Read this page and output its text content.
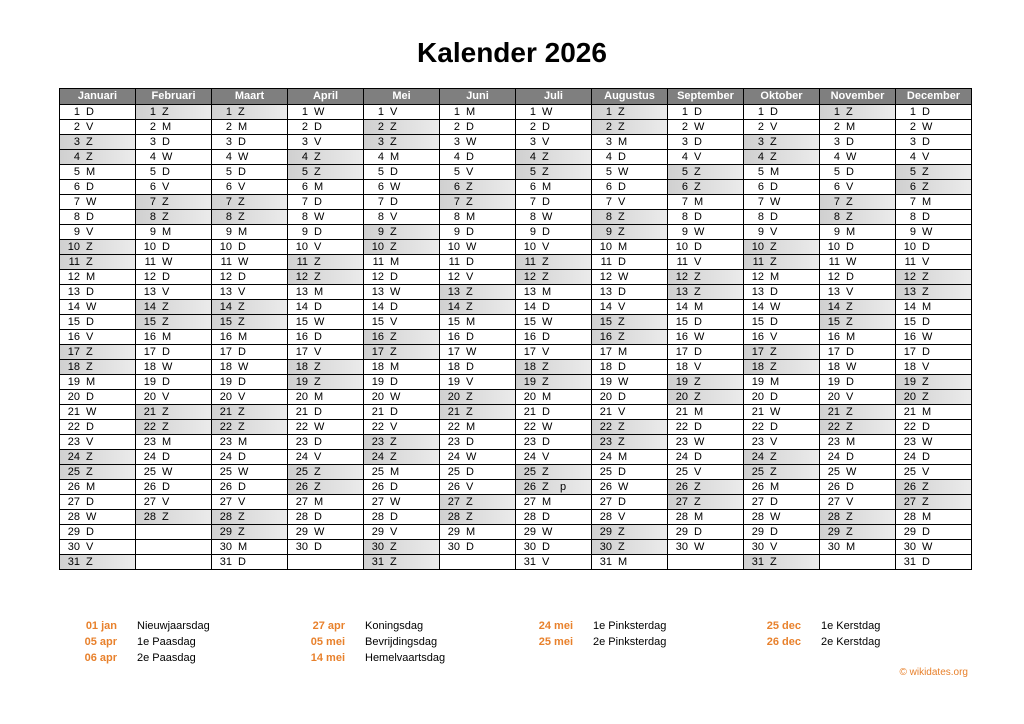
Kalender 2026
Januari
1 D
2 V
3 Z
4 Z
5 M
6 D
7 W
8 D
9 V
10 Z
11 Z
12 M
13 D
14 W
15 D
16 V
17 Z
18 Z
19 M
20 D
21 W
22 D
23 V
24 Z
25 Z
26 M
27 D
28 W
29 D
30 V
31 Z
Februari
1 Z
2 M
3 D
4 W
5 D
6 V
7 Z
8 Z
9 M
10 D
11 W
12 D
13 V
14 Z
15 Z
16 M
17 D
18 W
19 D
20 V
21 Z
22 Z
23 M
24 D
25 W
26 D
27 V
28 Z
Maart
1 Z
2 M
3 D
4 W
5 D
6 V
7 Z
8 Z
9 M
10 D
11 W
12 D
13 V
14 Z
15 Z
16 M
17 D
18 W
19 D
20 V
21 Z
22 Z
23 M
24 D
25 W
26 D
27 V
28 Z
29 Z
30 M
31 D
April
1 W
2 D
3 V
4 Z
5 Z
6 M
7 D
8 W
9 D
10 V
11 Z
12 Z
13 M
14 D
15 W
16 D
17 V
18 Z
19 Z
20 M
21 D
22 W
23 D
24 V
25 Z
26 Z
27 M
28 D
29 W
30 D
Mei
1 V
2 Z
3 Z
4 M
5 D
6 W
7 D
8 V
9 Z
10 Z
11 M
12 D
13 W
14 D
15 V
16 Z
17 Z
18 M
19 D
20 W
21 D
22 V
23 Z
24 Z
25 M
26 D
27 W
28 D
29 V
30 Z
31 Z
Juni
1 M
2 D
3 W
4 D
5 V
6 Z
7 Z
8 M
9 D
10 W
11 D
12 V
13 Z
14 Z
15 M
16 D
17 W
18 D
19 V
20 Z
21 Z
22 M
23 D
24 W
25 D
26 V
27 Z
28 Z
29 M
30 D
Juli
1 W
2 D
3 V
4 Z
5 Z
6 M
7 D
8 W
9 D
10 V
11 Z
12 Z
13 M
14 D
15 W
16 D
17 V
18 Z
19 Z
20 M
21 D
22 W
23 D
24 V
25 Z
26 Z	p
27 M
28 D
29 W
30 D
31 V
Augustus
1 Z
2 Z
3 M
4 D
5 W
6 D
7 V
8 Z
9 Z
10 M
11 D
12 W
13 D
14 V
15 Z
16 Z
17 M
18 D
19 W
20 D
21 V
22 Z
23 Z
24 M
25 D
26 W
27 D
28 V
29 Z
30 Z
31 M
September
1 D
2 W
3 D
4 V
5 Z
6 Z
7 M
8 D
9 W
10 D
11 V
12 Z
13 Z
14 M
15 D
16 W
17 D
18 V
19 Z
20 Z
21 M
22 D
23 W
24 D
25 V
26 Z
27 Z
28 M
29 D
30 W
Oktober
1 D
2 V
3 Z
4 Z
5 M
6 D
7 W
8 D
9 V
10 Z
11 Z
12 M
13 D
14 W
15 D
16 V
17 Z
18 Z
19 M
20 D
21 W
22 D
23 V
24 Z
25 Z
26 M
27 D
28 W
29 D
30 V
31 Z
November
1 Z
2 M
3 D
4 W
5 D
6 V
7 Z
8 Z
9 M
10 D
11 W
12 D
13 V
14 Z
15 Z
16 M
17 D
18 W
19 D
20 V
21 Z
22 Z
23 M
24 D
25 W
26 D
27 V
28 Z
29 Z
30 M
December
1 D
2 W
3 D
4 V
5 Z
6 Z
7 M
8 D
9 W
10 D
11 V
12 Z
13 Z
14 M
15 D
16 W
17 D
18 V
19 Z
20 Z
21 M
22 D
23 W
24 D
25 V
26 Z
27 Z
28 M
29 D
30 W
31 D
01 jan Nieuwjaarsdag
05 apr 1e Paasdag
06 apr 2e Paasdag
27 apr Koningsdag
05 mei Bevrijdingsdag
14 mei Hemelvaartsdag
24 mei 1e Pinksterdag
25 mei 2e Pinksterdag
25 dec 1e Kerstdag
26 dec 2e Kerstdag
© wikidates.org
